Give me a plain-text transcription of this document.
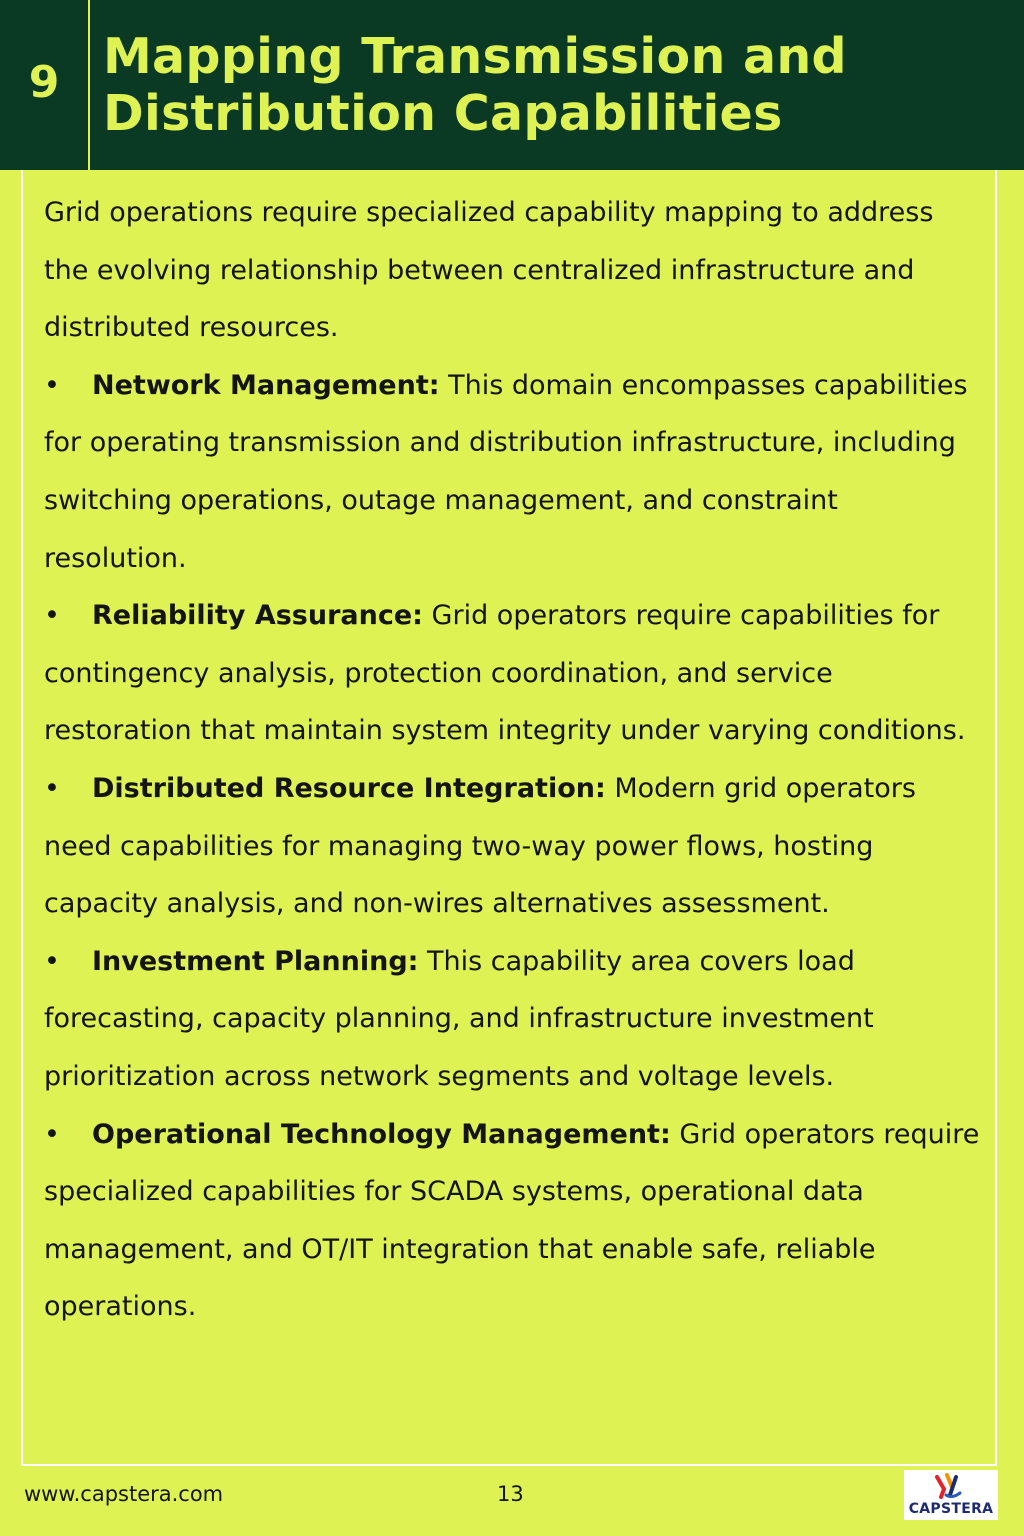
9 Mapping Transmission and
Distribution Capabilities

Grid operations require specialized capability mapping to address the evolving relationship between centralized infrastructure and distributed resources.

• Network Management: This domain encompasses capabilities for operating transmission and distribution infrastructure, including switching operations, outage management, and constraint resolution.

• Reliability Assurance: Grid operators require capabilities for contingency analysis, protection coordination, and service restoration that maintain system integrity under varying conditions.

• Distributed Resource Integration: Modern grid operators need capabilities for managing two-way power flows, hosting capacity analysis, and non-wires alternatives assessment.

• Investment Planning: This capability area covers load forecasting, capacity planning, and infrastructure investment prioritization across network segments and voltage levels.

• Operational Technology Management: Grid operators require specialized capabilities for SCADA systems, operational data management, and OT/IT integration that enable safe, reliable operations.

www.capstera.com	13
CAPSTERA
